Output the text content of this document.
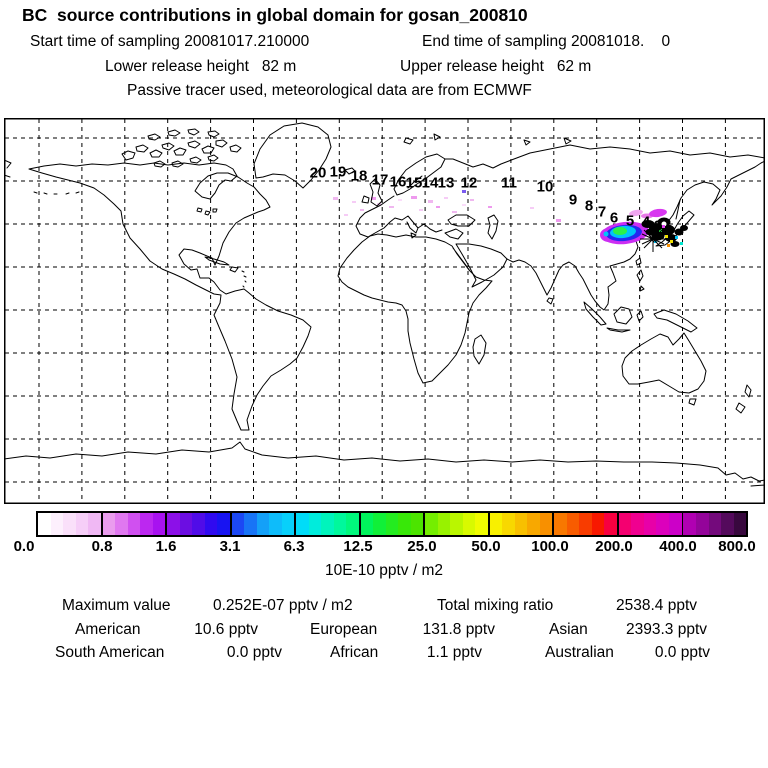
BC  source contributions in global domain for gosan_200810
Start time of sampling 20081017.210000	End time of sampling 20081018.    0
Lower release height   82 m	Upper release height   62 m
Passive tracer used, meteorological data are from ECMWF
20 19 18 17 16 15 14 13 12 11 10
9 8 7 6 5 4 3
0.0	0.8	1.6	3.1	6.3	12.5 25.0 50.0 100.0 200.0 400.0 800.0
10E-10 pptv / m2
Maximum value	0.252E-07 pptv / m2	Total mixing ratio	2538.4 pptv
American	10.6 pptv	European	131.8 pptv	Asian	2393.3 pptv
South American	0.0 pptv	African	1.1 pptv	Australian	0.0 pptv
